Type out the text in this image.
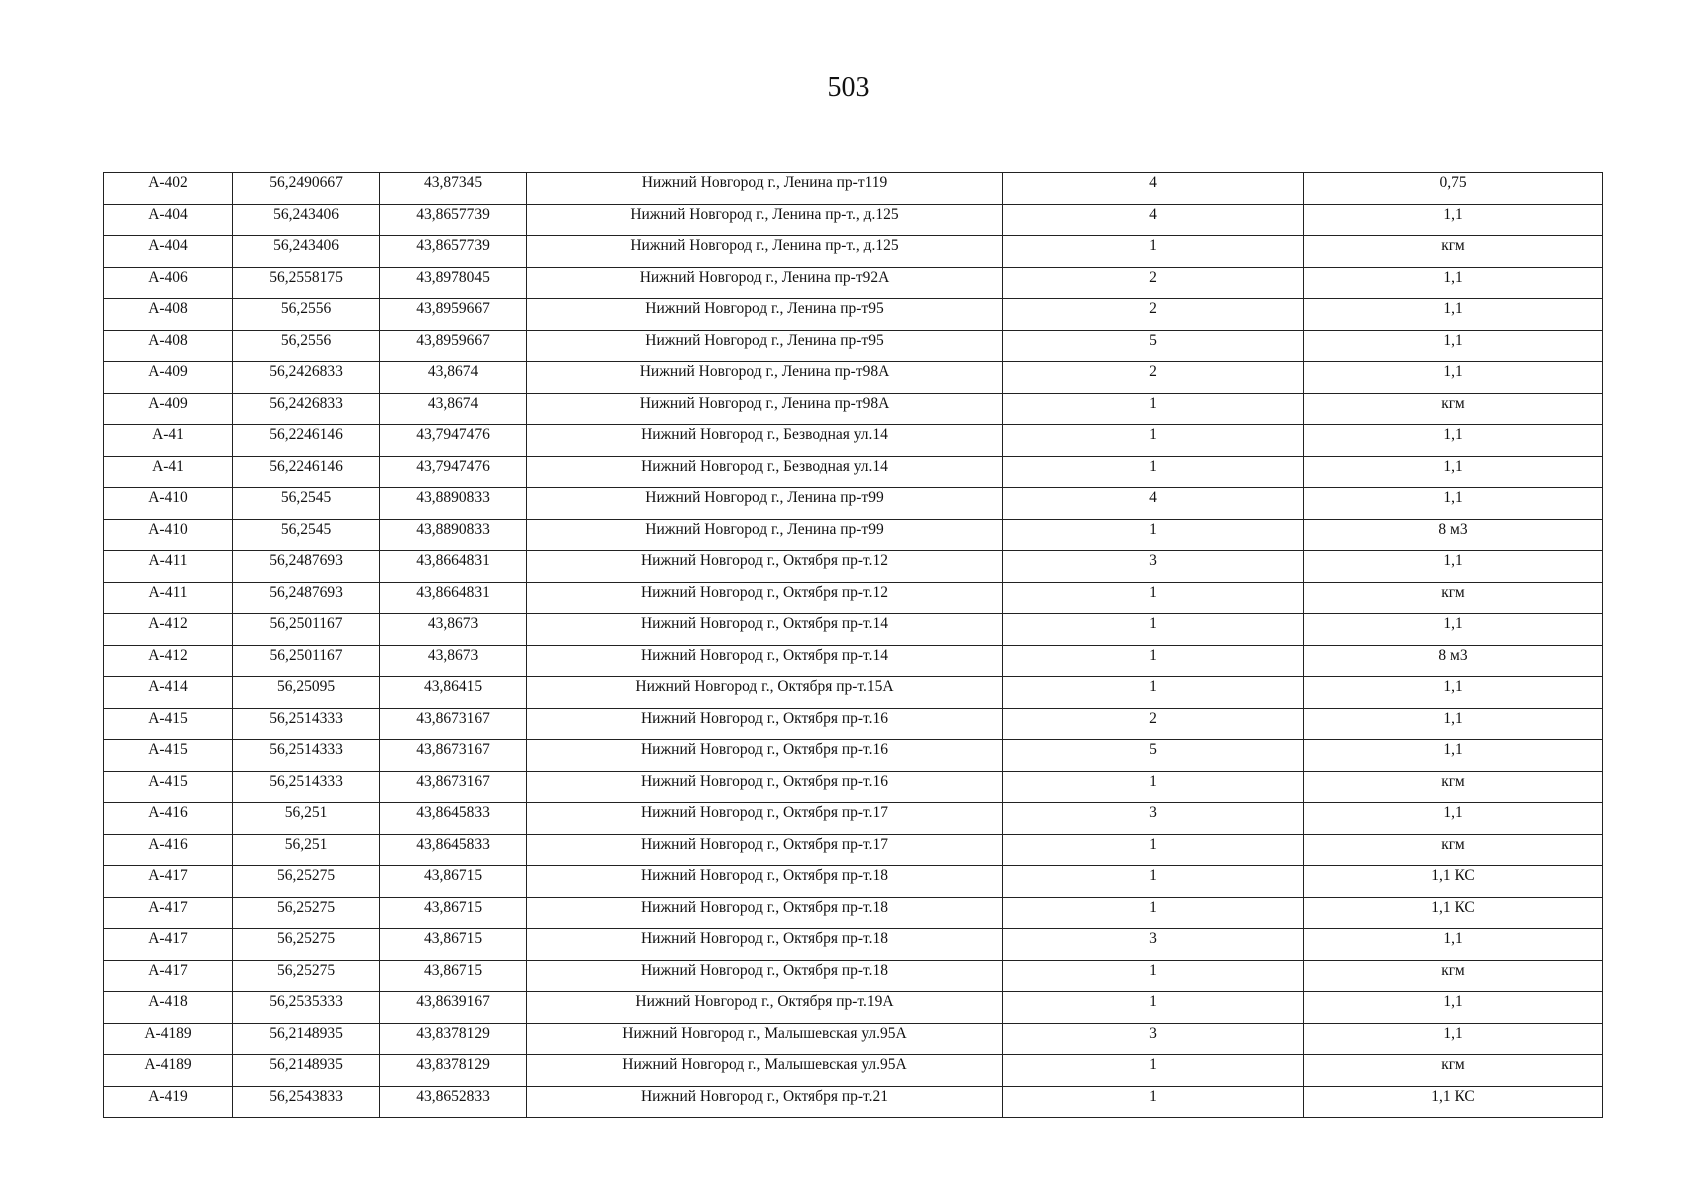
503
А-402	56,2490667	43,87345	Нижний Новгород г., Ленина пр-т119	4	0,75
А-404	56,243406	43,8657739	Нижний Новгород г., Ленина пр-т., д.125	4	1,1
А-404	56,243406	43,8657739	Нижний Новгород г., Ленина пр-т., д.125	1	кгм
А-406	56,2558175	43,8978045	Нижний Новгород г., Ленина пр-т92А	2	1,1
А-408	56,2556	43,8959667	Нижний Новгород г., Ленина пр-т95	2	1,1
А-408	56,2556	43,8959667	Нижний Новгород г., Ленина пр-т95	5	1,1
А-409	56,2426833	43,8674	Нижний Новгород г., Ленина пр-т98А	2	1,1
А-409	56,2426833	43,8674	Нижний Новгород г., Ленина пр-т98А	1	кгм
А-41	56,2246146	43,7947476	Нижний Новгород г., Безводная ул.14	1	1,1
А-41	56,2246146	43,7947476	Нижний Новгород г., Безводная ул.14	1	1,1
А-410	56,2545	43,8890833	Нижний Новгород г., Ленина пр-т99	4	1,1
А-410	56,2545	43,8890833	Нижний Новгород г., Ленина пр-т99	1	8 м3
А-411	56,2487693	43,8664831	Нижний Новгород г., Октября пр-т.12	3	1,1
А-411	56,2487693	43,8664831	Нижний Новгород г., Октября пр-т.12	1	кгм
А-412	56,2501167	43,8673	Нижний Новгород г., Октября пр-т.14	1	1,1
А-412	56,2501167	43,8673	Нижний Новгород г., Октября пр-т.14	1	8 м3
А-414	56,25095	43,86415	Нижний Новгород г., Октября пр-т.15А	1	1,1
А-415	56,2514333	43,8673167	Нижний Новгород г., Октября пр-т.16	2	1,1
А-415	56,2514333	43,8673167	Нижний Новгород г., Октября пр-т.16	5	1,1
А-415	56,2514333	43,8673167	Нижний Новгород г., Октября пр-т.16	1	кгм
А-416	56,251	43,8645833	Нижний Новгород г., Октября пр-т.17	3	1,1
А-416	56,251	43,8645833	Нижний Новгород г., Октября пр-т.17	1	кгм
А-417	56,25275	43,86715	Нижний Новгород г., Октября пр-т.18	1	1,1 КС
А-417	56,25275	43,86715	Нижний Новгород г., Октября пр-т.18	1	1,1 КС
А-417	56,25275	43,86715	Нижний Новгород г., Октября пр-т.18	3	1,1
А-417	56,25275	43,86715	Нижний Новгород г., Октября пр-т.18	1	кгм
А-418	56,2535333	43,8639167	Нижний Новгород г., Октября пр-т.19А	1	1,1
А-4189	56,2148935	43,8378129	Нижний Новгород г., Малышевская ул.95А	3	1,1
А-4189	56,2148935	43,8378129	Нижний Новгород г., Малышевская ул.95А	1	кгм
А-419	56,2543833	43,8652833	Нижний Новгород г., Октября пр-т.21	1	1,1 КС
